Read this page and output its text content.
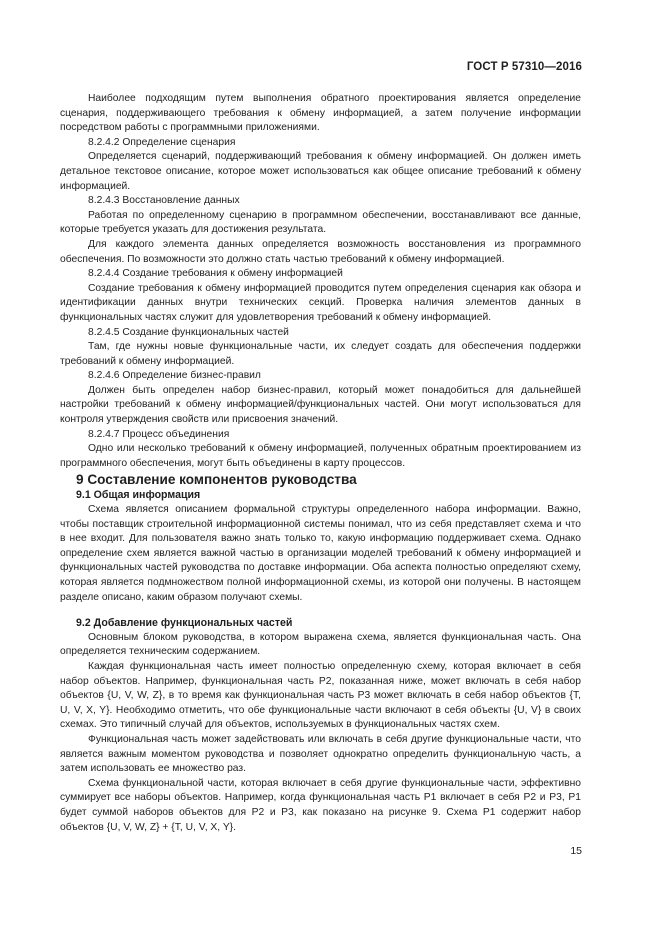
ГОСТ Р 57310—2016

Наиболее подходящим путем выполнения обратного проектирования является определение сценария, поддерживающего требования к обмену информацией, а затем получение информации посредством работы с программными приложениями.

8.2.4.2 Определение сценария

Определяется сценарий, поддерживающий требования к обмену информацией. Он должен иметь детальное текстовое описание, которое может использоваться как общее описание требований к обмену информацией.

8.2.4.3 Восстановление данных

Работая по определенному сценарию в программном обеспечении, восстанавливают все данные, которые требуется указать для достижения результата.

Для каждого элемента данных определяется возможность восстановления из программного обеспечения. По возможности это должно стать частью требований к обмену информацией.

8.2.4.4 Создание требования к обмену информацией

Создание требования к обмену информацией проводится путем определения сценария как обзора и идентификации данных внутри технических секций. Проверка наличия элементов данных в функциональных частях служит для удовлетворения требований к обмену информацией.

8.2.4.5 Создание функциональных частей

Там, где нужны новые функциональные части, их следует создать для обеспечения поддержки требований к обмену информацией.

8.2.4.6 Определение бизнес-правил

Должен быть определен набор бизнес-правил, который может понадобиться для дальнейшей настройки требований к обмену информацией/функциональных частей. Они могут использоваться для контроля утверждения свойств или присвоения значений.

8.2.4.7 Процесс объединения

Одно или несколько требований к обмену информацией, полученных обратным проектированием из программного обеспечения, могут быть объединены в карту процессов.

9 Составление компонентов руководства

9.1 Общая информация

Схема является описанием формальной структуры определенного набора информации. Важно, чтобы поставщик строительной информационной системы понимал, что из себя представляет схема и что в нее входит. Для пользователя важно знать только то, какую информацию поддерживает схема. Однако определение схем является важной частью в организации моделей требований к обмену информацией и функциональных частей руководства по доставке информации. Оба аспекта полностью определяют схему, которая является подмножеством полной информационной схемы, из которой они получены. В настоящем разделе описано, каким образом получают схемы.

9.2 Добавление функциональных частей

Основным блоком руководства, в котором выражена схема, является функциональная часть. Она определяется техническим содержанием.

Каждая функциональная часть имеет полностью определенную схему, которая включает в себя набор объектов. Например, функциональная часть P2, показанная ниже, может включать в себя набор объектов {U, V, W, Z}, в то время как функциональная часть P3 может включать в себя набор объектов {T, U, V, X, Y}. Необходимо отметить, что обе функциональные части включают в себя объекты {U, V} в своих схемах. Это типичный случай для объектов, используемых в функциональных частях схем.

Функциональная часть может задействовать или включать в себя другие функциональные части, что является важным моментом руководства и позволяет однократно определить функциональную часть, а затем использовать ее множество раз.

Схема функциональной части, которая включает в себя другие функциональные части, эффективно суммирует все наборы объектов. Например, когда функциональная часть P1 включает в себя P2 и P3, P1 будет суммой наборов объектов для P2 и P3, как показано на рисунке 9. Схема P1 содержит набор объектов {U, V, W, Z} + {T, U, V, X, Y}.

15
